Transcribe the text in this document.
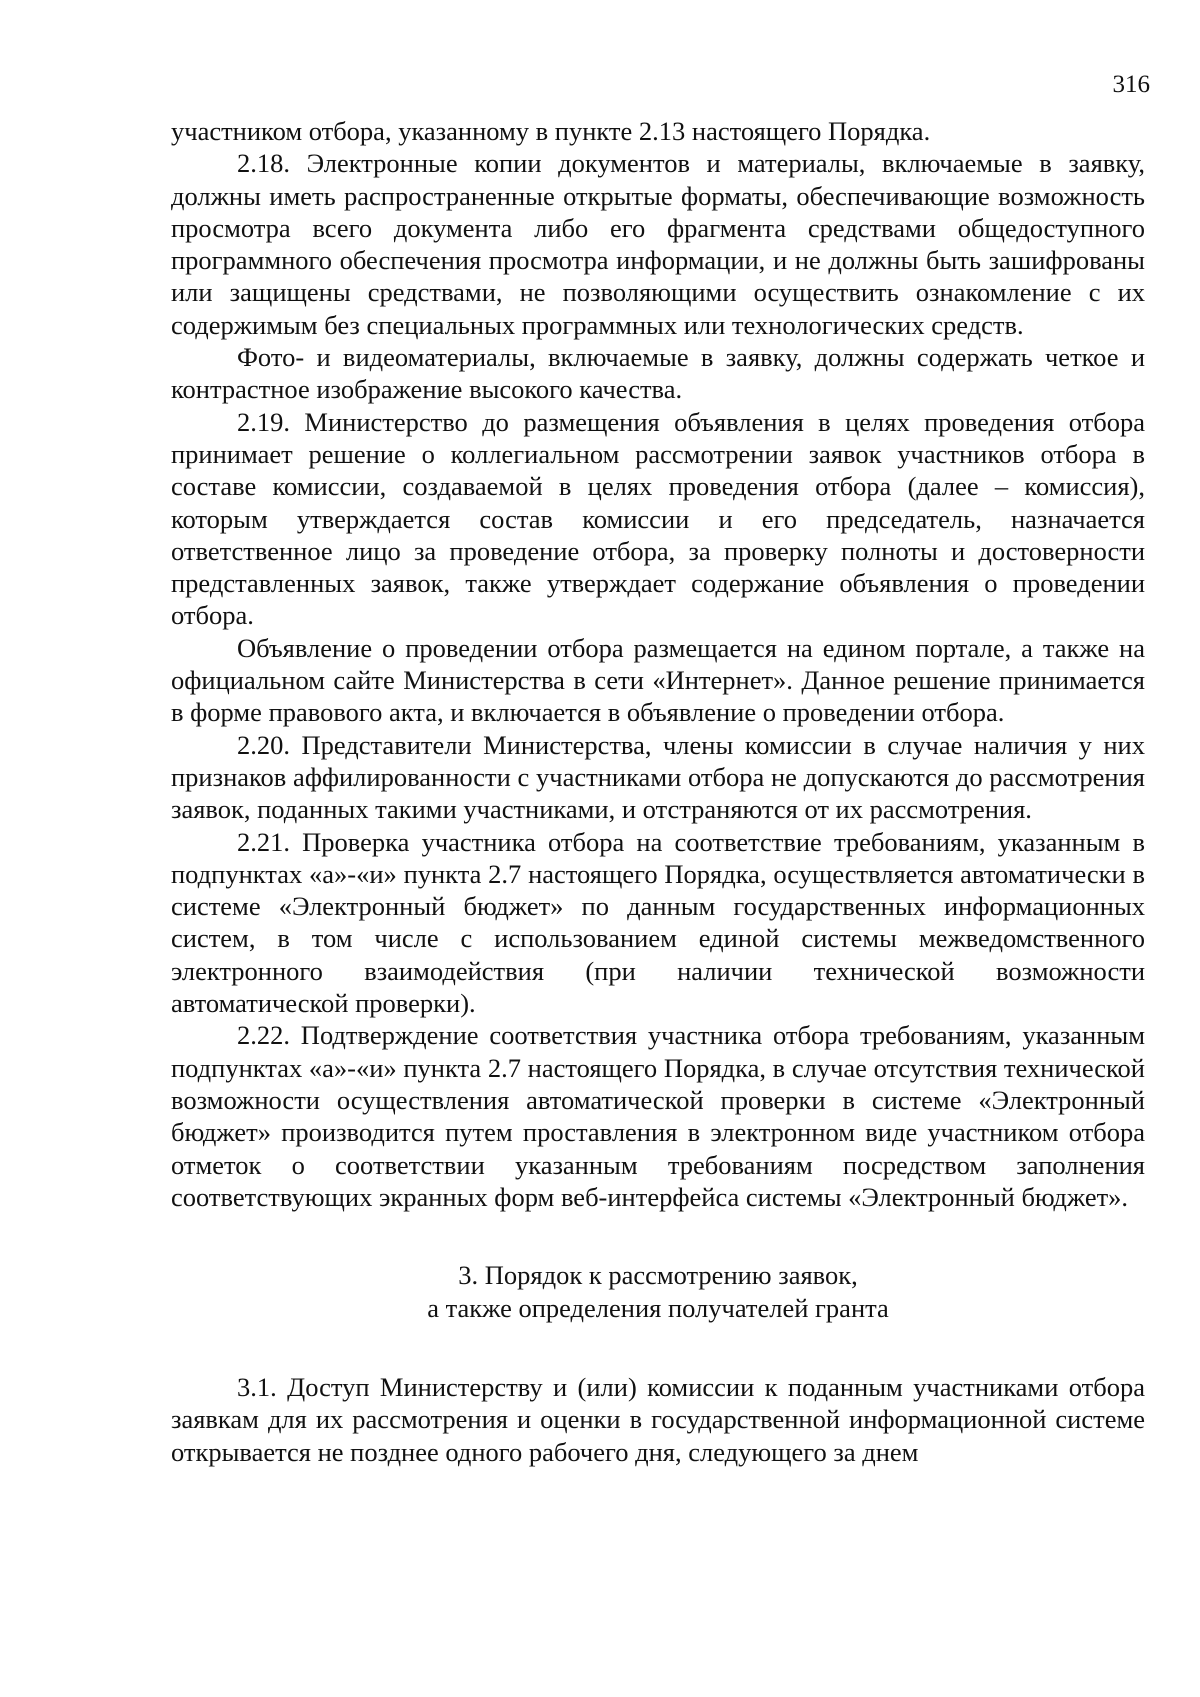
316

участником отбора, указанному в пункте 2.13 настоящего Порядка.

2.18. Электронные копии документов и материалы, включаемые в заявку, должны иметь распространенные открытые форматы, обеспечивающие возможность просмотра всего документа либо его фрагмента средствами общедоступного программного обеспечения просмотра информации, и не должны быть зашифрованы или защищены средствами, не позволяющими осуществить ознакомление с их содержимым без специальных программных или технологических средств.

Фото- и видеоматериалы, включаемые в заявку, должны содержать четкое и контрастное изображение высокого качества.

2.19. Министерство до размещения объявления в целях проведения отбора принимает решение о коллегиальном рассмотрении заявок участников отбора в составе комиссии, создаваемой в целях проведения отбора (далее – комиссия), которым утверждается состав комиссии и его председатель, назначается ответственное лицо за проведение отбора, за проверку полноты и достоверности представленных заявок, также утверждает содержание объявления о проведении отбора.

Объявление о проведении отбора размещается на едином портале, а также на официальном сайте Министерства в сети «Интернет». Данное решение принимается в форме правового акта, и включается в объявление о проведении отбора.

2.20. Представители Министерства, члены комиссии в случае наличия у них признаков аффилированности с участниками отбора не допускаются до рассмотрения заявок, поданных такими участниками, и отстраняются от их рассмотрения.

2.21. Проверка участника отбора на соответствие требованиям, указанным в подпунктах «а»-«и» пункта 2.7 настоящего Порядка, осуществляется автоматически в системе «Электронный бюджет» по данным государственных информационных систем, в том числе с использованием единой системы межведомственного электронного взаимодействия (при наличии технической возможности автоматической проверки).

2.22. Подтверждение соответствия участника отбора требованиям, указанным подпунктах «а»-«и» пункта 2.7 настоящего Порядка, в случае отсутствия технической возможности осуществления автоматической проверки в системе «Электронный бюджет» производится путем проставления в электронном виде участником отбора отметок о соответствии указанным требованиям посредством заполнения соответствующих экранных форм веб-интерфейса системы «Электронный бюджет».

3. Порядок к рассмотрению заявок,
а также определения получателей гранта

3.1. Доступ Министерству и (или) комиссии к поданным участниками отбора заявкам для их рассмотрения и оценки в государственной информационной системе открывается не позднее одного рабочего дня, следующего за днем
